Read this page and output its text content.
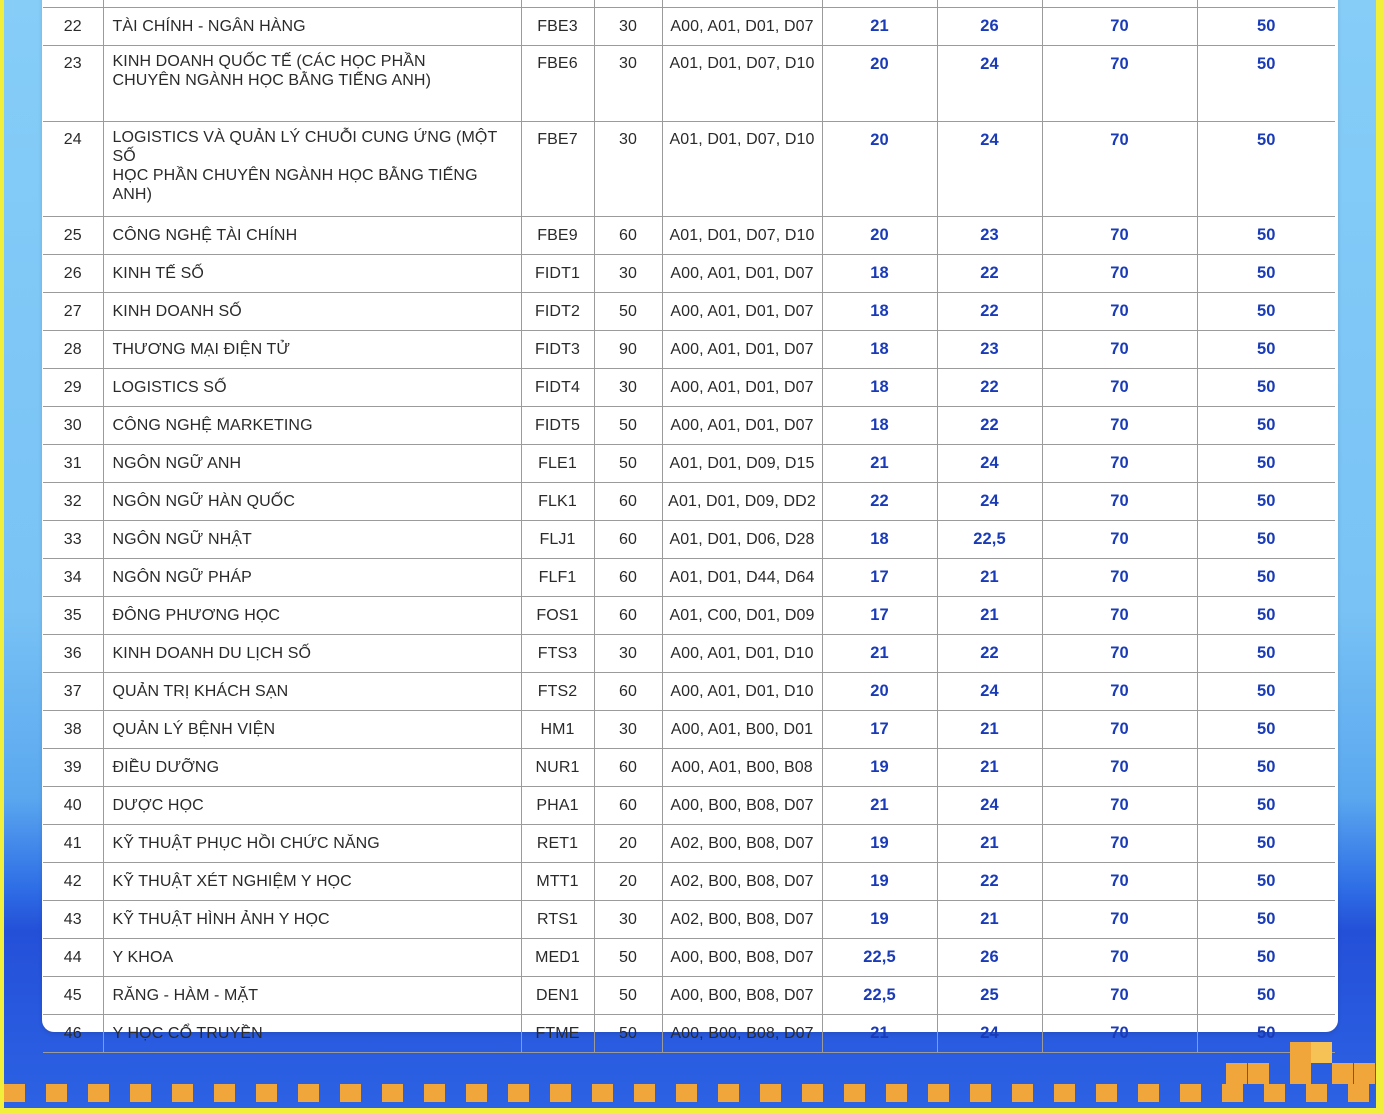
22	TÀI CHÍNH - NGÂN HÀNG	FBE3	30	A00, A01, D01, D07	21	26	70	50
23	KINH DOANH QUỐC TẾ (CÁC HỌC PHẦN
CHUYÊN NGÀNH HỌC BẰNG TIẾNG ANH)	FBE6	30	A01, D01, D07, D10	20	24	70	50
24	LOGISTICS VÀ QUẢN LÝ CHUỖI CUNG ỨNG (MỘT SỐ
HỌC PHẦN CHUYÊN NGÀNH HỌC BẰNG TIẾNG ANH)	FBE7	30	A01, D01, D07, D10	20	24	70	50
25	CÔNG NGHỆ TÀI CHÍNH	FBE9	60	A01, D01, D07, D10	20	23	70	50
26	KINH TẾ SỐ	FIDT1	30	A00, A01, D01, D07	18	22	70	50
27	KINH DOANH SỐ	FIDT2	50	A00, A01, D01, D07	18	22	70	50
28	THƯƠNG MẠI ĐIỆN TỬ	FIDT3	90	A00, A01, D01, D07	18	23	70	50
29	LOGISTICS SỐ	FIDT4	30	A00, A01, D01, D07	18	22	70	50
30	CÔNG NGHỆ MARKETING	FIDT5	50	A00, A01, D01, D07	18	22	70	50
31	NGÔN NGỮ ANH	FLE1	50	A01, D01, D09, D15	21	24	70	50
32	NGÔN NGỮ HÀN QUỐC	FLK1	60	A01, D01, D09, DD2	22	24	70	50
33	NGÔN NGỮ NHẬT	FLJ1	60	A01, D01, D06, D28	18	22,5	70	50
34	NGÔN NGỮ PHÁP	FLF1	60	A01, D01, D44, D64	17	21	70	50
35	ĐÔNG PHƯƠNG HỌC	FOS1	60	A01, C00, D01, D09	17	21	70	50
36	KINH DOANH DU LỊCH SỐ	FTS3	30	A00, A01, D01, D10	21	22	70	50
37	QUẢN TRỊ KHÁCH SẠN	FTS2	60	A00, A01, D01, D10	20	24	70	50
38	QUẢN LÝ BỆNH VIỆN	HM1	30	A00, A01, B00, D01	17	21	70	50
39	ĐIỀU DƯỠNG	NUR1	60	A00, A01, B00, B08	19	21	70	50
40	DƯỢC HỌC	PHA1	60	A00, B00, B08, D07	21	24	70	50
41	KỸ THUẬT PHỤC HỒI CHỨC NĂNG	RET1	20	A02, B00, B08, D07	19	21	70	50
42	KỸ THUẬT XÉT NGHIỆM Y HỌC	MTT1	20	A02, B00, B08, D07	19	22	70	50
43	KỸ THUẬT HÌNH ẢNH Y HỌC	RTS1	30	A02, B00, B08, D07	19	21	70	50
44	Y KHOA	MED1	50	A00, B00, B08, D07	22,5	26	70	50
45	RĂNG - HÀM - MẶT	DEN1	50	A00, B00, B08, D07	22,5	25	70	50
46	Y HỌC CỔ TRUYỀN	FTME	50	A00, B00, B08, D07	21	24	70	50
